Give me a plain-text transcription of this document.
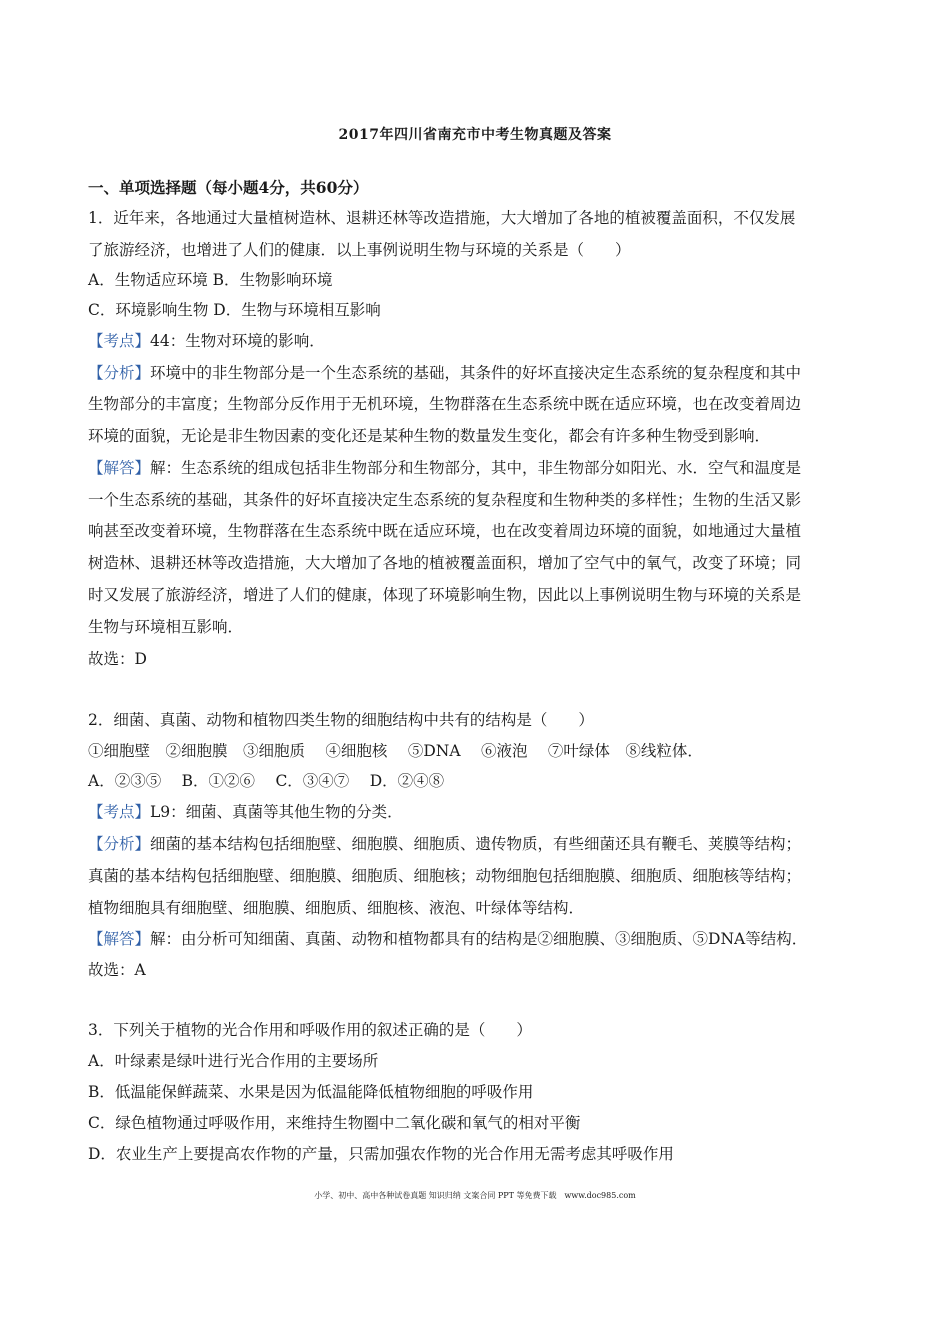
2017年四川省南充市中考生物真题及答案
一、单项选择题（每小题4分，共60分）
1．近年来，各地通过大量植树造林、退耕还林等改造措施，大大增加了各地的植被覆盖面积，不仅发展
了旅游经济，也增进了人们的健康．以上事例说明生物与环境的关系是（　　）
A．生物适应环境 B．生物影响环境
C．环境影响生物 D．生物与环境相互影响
【考点】44：生物对环境的影响．
【分析】环境中的非生物部分是一个生态系统的基础，其条件的好坏直接决定生态系统的复杂程度和其中
生物部分的丰富度；生物部分反作用于无机环境，生物群落在生态系统中既在适应环境，也在改变着周边
环境的面貌，无论是非生物因素的变化还是某种生物的数量发生变化，都会有许多种生物受到影响．
【解答】解：生态系统的组成包括非生物部分和生物部分，其中，非生物部分如阳光、水．空气和温度是
一个生态系统的基础，其条件的好坏直接决定生态系统的复杂程度和生物种类的多样性；生物的生活又影
响甚至改变着环境，生物群落在生态系统中既在适应环境，也在改变着周边环境的面貌，如地通过大量植
树造林、退耕还林等改造措施，大大增加了各地的植被覆盖面积，增加了空气中的氧气，改变了环境；同
时又发展了旅游经济，增进了人们的健康，体现了环境影响生物，因此以上事例说明生物与环境的关系是
生物与环境相互影响．
故选：D
2．细菌、真菌、动物和植物四类生物的细胞结构中共有的结构是（　　）
①细胞壁　②细胞膜　③细胞质　 ④细胞核　 ⑤DNA　 ⑥液泡　 ⑦叶绿体　⑧线粒体．
A．②③⑤　 B．①②⑥　 C．③④⑦　 D．②④⑧
【考点】L9：细菌、真菌等其他生物的分类．
【分析】细菌的基本结构包括细胞壁、细胞膜、细胞质、遗传物质，有些细菌还具有鞭毛、荚膜等结构；
真菌的基本结构包括细胞壁、细胞膜、细胞质、细胞核；动物细胞包括细胞膜、细胞质、细胞核等结构；
植物细胞具有细胞壁、细胞膜、细胞质、细胞核、液泡、叶绿体等结构．
【解答】解：由分析可知细菌、真菌、动物和植物都具有的结构是②细胞膜、③细胞质、⑤DNA等结构．
故选：A
3．下列关于植物的光合作用和呼吸作用的叙述正确的是（　　）
A．叶绿素是绿叶进行光合作用的主要场所
B．低温能保鲜蔬菜、水果是因为低温能降低植物细胞的呼吸作用
C．绿色植物通过呼吸作用，来维持生物圈中二氧化碳和氧气的相对平衡
D．农业生产上要提高农作物的产量，只需加强农作物的光合作用无需考虑其呼吸作用
小学、初中、高中各种试卷真题 知识归纳 文案合同 PPT 等免费下载　www.doc985.com
